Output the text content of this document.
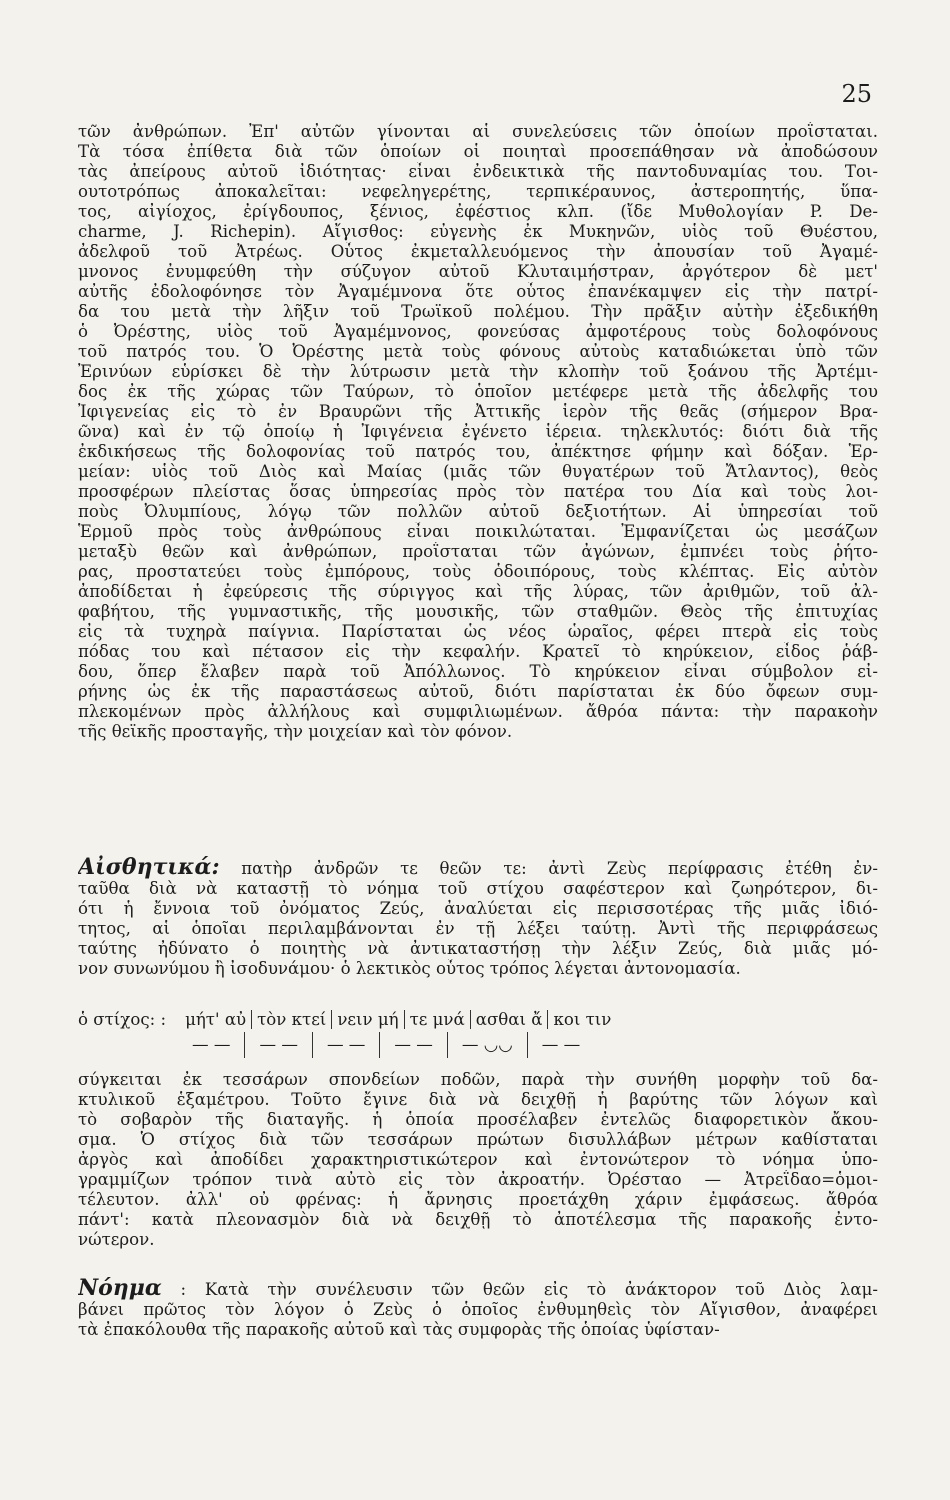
25
τῶν ἀνθρώπων. Ἐπ' αὐτῶν γίνονται αἱ συνελεύσεις τῶν ὁποίων προΐσταται.
Τὰ τόσα ἐπίθετα διὰ τῶν ὁποίων οἱ ποιηταὶ προσεπάθησαν νὰ ἀποδώσουν
τὰς ἀπείρους αὐτοῦ ἰδιότητας· εἶναι ἐνδεικτικὰ τῆς παντοδυναμίας του. Τοι-
ουτοτρόπως ἀποκαλεῖται: νεφεληγερέτης, τερπικέραυνος, ἀστεροπητής, ὕπα-
τος, αἰγίοχος, ἐρίγδουπος, ξένιος, ἐφέστιος κλπ. (ἴδε Μυθολογίαν P. De-
charme, J. Richepin). Αἴγισθος: εὐγενὴς ἐκ Μυκηνῶν, υἱὸς τοῦ Θυέστου,
ἀδελφοῦ τοῦ Ἀτρέως. Οὗτος ἐκμεταλλευόμενος τὴν ἀπουσίαν τοῦ Ἀγαμέ-
μνονος ἐνυμφεύθη τὴν σύζυγον αὐτοῦ Κλυταιμήστραν, ἀργότερον δὲ μετ'
αὐτῆς ἐδολοφόνησε τὸν Ἀγαμέμνονα ὅτε οὗτος ἐπανέκαμψεν εἰς τὴν πατρί-
δα του μετὰ τὴν λῆξιν τοῦ Τρωϊκοῦ πολέμου. Τὴν πρᾶξιν αὐτὴν ἐξεδικήθη
ὁ Ὀρέστης, υἱὸς τοῦ Ἀγαμέμνονος, φονεύσας ἀμφοτέρους τοὺς δολοφόνους
τοῦ πατρός του. Ὁ Ὀρέστης μετὰ τοὺς φόνους αὐτοὺς καταδιώκεται ὑπὸ τῶν
Ἐρινύων εὑρίσκει δὲ τὴν λύτρωσιν μετὰ τὴν κλοπὴν τοῦ ξοάνου τῆς Ἀρτέμι-
δος ἐκ τῆς χώρας τῶν Ταύρων, τὸ ὁποῖον μετέφερε μετὰ τῆς ἀδελφῆς του
Ἰφιγενείας εἰς τὸ ἐν Βραυρῶνι τῆς Ἀττικῆς ἱερὸν τῆς θεᾶς (σήμερον Βρα-
ῶνα) καὶ ἐν τῷ ὁποίῳ ἡ Ἰφιγένεια ἐγένετο ἱέρεια. τηλεκλυτός: διότι διὰ τῆς
ἐκδικήσεως τῆς δολοφονίας τοῦ πατρός του, ἀπέκτησε φήμην καὶ δόξαν. Ἑρ-
μείαν: υἱὸς τοῦ Διὸς καὶ Μαίας (μιᾶς τῶν θυγατέρων τοῦ Ἄτλαντος), θεὸς
προσφέρων πλείστας ὅσας ὑπηρεσίας πρὸς τὸν πατέρα του Δία καὶ τοὺς λοι-
ποὺς Ὀλυμπίους, λόγῳ τῶν πολλῶν αὐτοῦ δεξιοτήτων. Αἱ ὑπηρεσίαι τοῦ
Ἑρμοῦ πρὸς τοὺς ἀνθρώπους εἶναι ποικιλώταται. Ἐμφανίζεται ὡς μεσάζων
μεταξὺ θεῶν καὶ ἀνθρώπων, προΐσταται τῶν ἀγώνων, ἐμπνέει τοὺς ῥήτο-
ρας, προστατεύει τοὺς ἐμπόρους, τοὺς ὁδοιπόρους, τοὺς κλέπτας. Εἰς αὐτὸν
ἀποδίδεται ἡ ἐφεύρεσις τῆς σύριγγος καὶ τῆς λύρας, τῶν ἀριθμῶν, τοῦ ἀλ-
φαβήτου, τῆς γυμναστικῆς, τῆς μουσικῆς, τῶν σταθμῶν. Θεὸς τῆς ἐπιτυχίας
εἰς τὰ τυχηρὰ παίγνια. Παρίσταται ὡς νέος ὡραῖος, φέρει πτερὰ εἰς τοὺς
πόδας του καὶ πέτασον εἰς τὴν κεφαλήν. Κρατεῖ τὸ κηρύκειον, εἶδος ῥάβ-
δου, ὅπερ ἔλαβεν παρὰ τοῦ Ἀπόλλωνος. Τὸ κηρύκειον εἶναι σύμβολον εἰ-
ρήνης ὡς ἐκ τῆς παραστάσεως αὐτοῦ, διότι παρίσταται ἐκ δύο ὄφεων συμ-
πλεκομένων πρὸς ἀλλήλους καὶ συμφιλιωμένων. ἄθρόα πάντα: τὴν παρακοὴν
τῆς θεϊκῆς προσταγῆς, τὴν μοιχείαν καὶ τὸν φόνον.
Αἰσθητικά: πατὴρ ἀνδρῶν τε θεῶν τε: ἀντὶ Ζεὺς περίφρασις ἐτέθη ἐν-
ταῦθα διὰ νὰ καταστῇ τὸ νόημα τοῦ στίχου σαφέστερον καὶ ζωηρότερον, δι-
ότι ἡ ἔννοια τοῦ ὀνόματος Ζεύς, ἀναλύεται εἰς περισσοτέρας τῆς μιᾶς ἰδιό-
τητος, αἱ ὁποῖαι περιλαμβάνονται ἐν τῇ λέξει ταύτῃ. Ἀντὶ τῆς περιφράσεως
ταύτης ἠδύνατο ὁ ποιητὴς νὰ ἀντικαταστήσῃ τὴν λέξιν Ζεύς, διὰ μιᾶς μό-
νον συνωνύμου ἢ ἰσοδυνάμου· ὁ λεκτικὸς οὗτος τρόπος λέγεται ἀντονομασία.
ὁ στίχος: :	μήτ' αὐ τὸν κτεί νειν μή τε μνά ασθαι ἄ κοι τιν
— —	— —	— —	— —	— ◡◡	— —
σύγκειται ἐκ τεσσάρων σπονδείων ποδῶν, παρὰ τὴν συνήθη μορφὴν τοῦ δα-
κτυλικοῦ ἑξαμέτρου. Τοῦτο ἔγινε διὰ νὰ δειχθῇ ἡ βαρύτης τῶν λόγων καὶ
τὸ σοβαρὸν τῆς διαταγῆς. ἡ ὁποία προσέλαβεν ἐντελῶς διαφορετικὸν ἄκου-
σμα. Ὁ στίχος διὰ τῶν τεσσάρων πρώτων δισυλλάβων μέτρων καθίσταται
ἀργὸς καὶ ἀποδίδει χαρακτηριστικώτερον καὶ ἐντονώτερον τὸ νόημα ὑπο-
γραμμίζων τρόπον τινὰ αὐτὸ εἰς τὸν ἀκροατήν. Ὀρέσταο — Ἀτρεΐδαο=ὁμοι-
τέλευτον. ἀλλ' οὐ φρένας: ἡ ἄρνησις προετάχθη χάριν ἐμφάσεως. ἄθρόα
πάντ': κατὰ πλεονασμὸν διὰ νὰ δειχθῇ τὸ ἀποτέλεσμα τῆς παρακοῆς ἐντο-
νώτερον.
Νόημα : Κατὰ τὴν συνέλευσιν τῶν θεῶν εἰς τὸ ἀνάκτορον τοῦ Διὸς λαμ-
βάνει πρῶτος τὸν λόγον ὁ Ζεὺς ὁ ὁποῖος ἐνθυμηθεὶς τὸν Αἴγισθον, ἀναφέρει
τὰ ἐπακόλουθα τῆς παρακοῆς αὐτοῦ καὶ τὰς συμφορὰς τῆς ὁποίας ὑφίσταν-
